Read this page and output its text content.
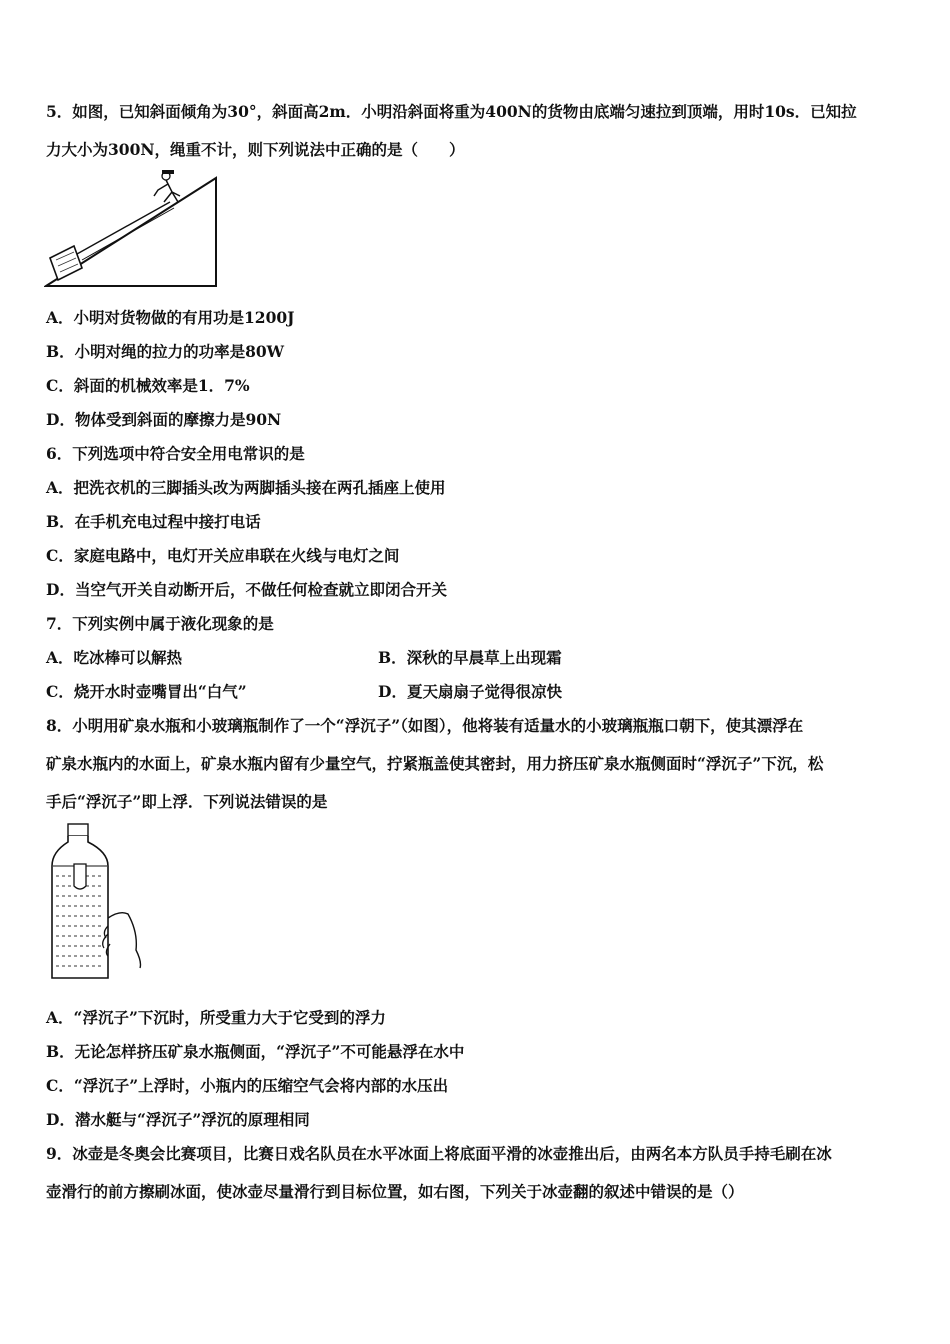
5．如图，已知斜面倾角为30°，斜面高2m．小明沿斜面将重为400N的货物由底端匀速拉到顶端，用时10s．已知拉
力大小为300N，绳重不计，则下列说法中正确的是（　　）
A．小明对货物做的有用功是1200J
B．小明对绳的拉力的功率是80W
C．斜面的机械效率是1．7%
D．物体受到斜面的摩擦力是90N
6．下列选项中符合安全用电常识的是
A．把洗衣机的三脚插头改为两脚插头接在两孔插座上使用
B．在手机充电过程中接打电话
C．家庭电路中，电灯开关应串联在火线与电灯之间
D．当空气开关自动断开后，不做任何检查就立即闭合开关
7．下列实例中属于液化现象的是
A．吃冰棒可以解热	B．深秋的早晨草上出现霜
C．烧开水时壶嘴冒出“白气”	D．夏天扇扇子觉得很凉快
8．小明用矿泉水瓶和小玻璃瓶制作了一个“浮沉子”（如图），他将装有适量水的小玻璃瓶瓶口朝下，使其漂浮在
矿泉水瓶内的水面上，矿泉水瓶内留有少量空气，拧紧瓶盖使其密封，用力挤压矿泉水瓶侧面时“浮沉子”下沉，松
手后“浮沉子”即上浮．下列说法错误的是
A．“浮沉子”下沉时，所受重力大于它受到的浮力
B．无论怎样挤压矿泉水瓶侧面，“浮沉子”不可能悬浮在水中
C．“浮沉子”上浮时，小瓶内的压缩空气会将内部的水压出
D．潜水艇与“浮沉子”浮沉的原理相同
9．冰壶是冬奥会比赛项目，比赛日戏名队员在水平冰面上将底面平滑的冰壶推出后，由两名本方队员手持毛刷在冰
壶滑行的前方擦刷冰面，使冰壶尽量滑行到目标位置，如右图，下列关于冰壶翻的叙述中错误的是（）
